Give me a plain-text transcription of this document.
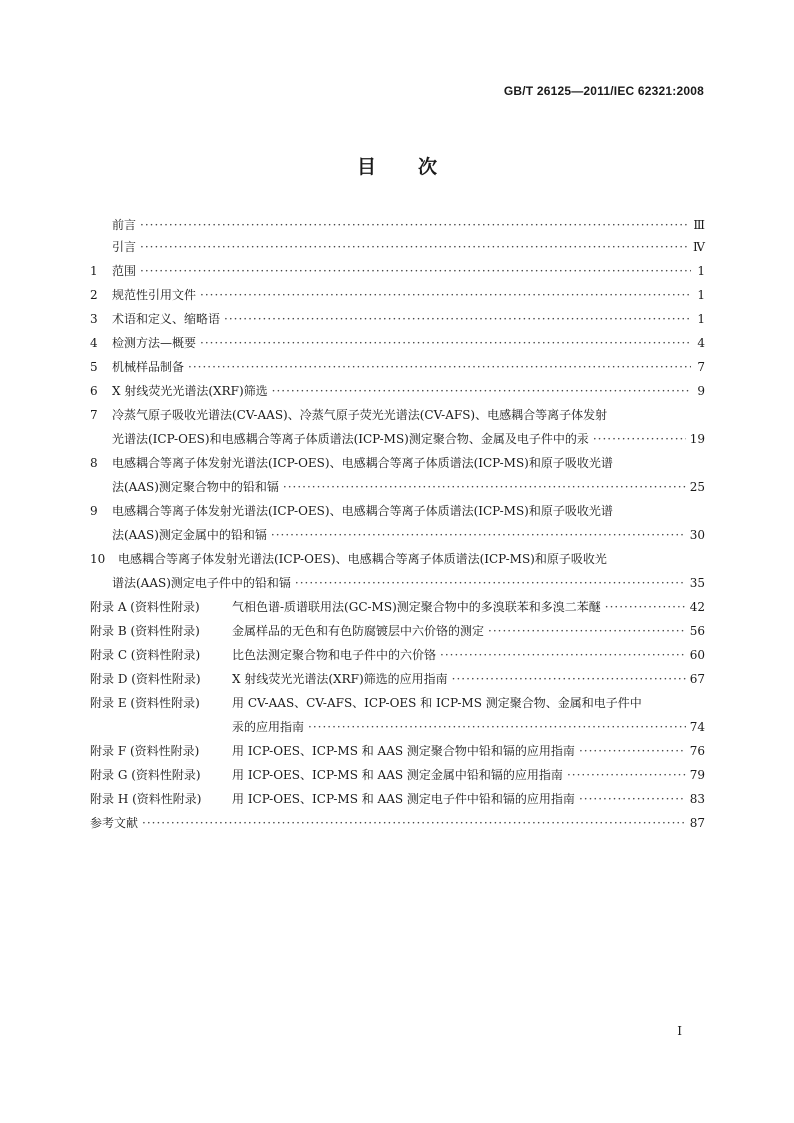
GB/T 26125—2011/IEC 62321:2008
目 次
前言 ·····	Ⅲ
引言 ·····	Ⅳ
1	范围 ·····	1
2	规范性引用文件 ·····	1
3	术语和定义、缩略语 ·····	1
4	检测方法—概要 ·····	4
5	机械样品制备 ·····	7
6	X 射线荧光光谱法(XRF)筛选 ·····	9
7	冷蒸气原子吸收光谱法(CV-AAS)、冷蒸气原子荧光光谱法(CV-AFS)、电感耦合等离子体发射
光谱法(ICP-OES)和电感耦合等离子体质谱法(ICP-MS)测定聚合物、金属及电子件中的汞 ·····	19
8	电感耦合等离子体发射光谱法(ICP-OES)、电感耦合等离子体质谱法(ICP-MS)和原子吸收光谱
法(AAS)测定聚合物中的铅和镉 ·····	25
9	电感耦合等离子体发射光谱法(ICP-OES)、电感耦合等离子体质谱法(ICP-MS)和原子吸收光谱
法(AAS)测定金属中的铅和镉 ·····	30
10	电感耦合等离子体发射光谱法(ICP-OES)、电感耦合等离子体质谱法(ICP-MS)和原子吸收光
谱法(AAS)测定电子件中的铅和镉 ·····	35
附录 A (资料性附录)	气相色谱-质谱联用法(GC-MS)测定聚合物中的多溴联苯和多溴二苯醚 ·····	42
附录 B (资料性附录)	金属样品的无色和有色防腐镀层中六价铬的测定 ·····	56
附录 C (资料性附录)	比色法测定聚合物和电子件中的六价铬 ·····	60
附录 D (资料性附录)	X 射线荧光光谱法(XRF)筛选的应用指南 ·····	67
附录 E (资料性附录)	用 CV-AAS、CV-AFS、ICP-OES 和 ICP-MS 测定聚合物、金属和电子件中
汞的应用指南 ·····	74
附录 F (资料性附录)	用 ICP-OES、ICP-MS 和 AAS 测定聚合物中铅和镉的应用指南 ·····	76
附录 G (资料性附录)	用 ICP-OES、ICP-MS 和 AAS 测定金属中铅和镉的应用指南 ·····	79
附录 H (资料性附录)	用 ICP-OES、ICP-MS 和 AAS 测定电子件中铅和镉的应用指南 ·····	83
参考文献 ·····	87
I
